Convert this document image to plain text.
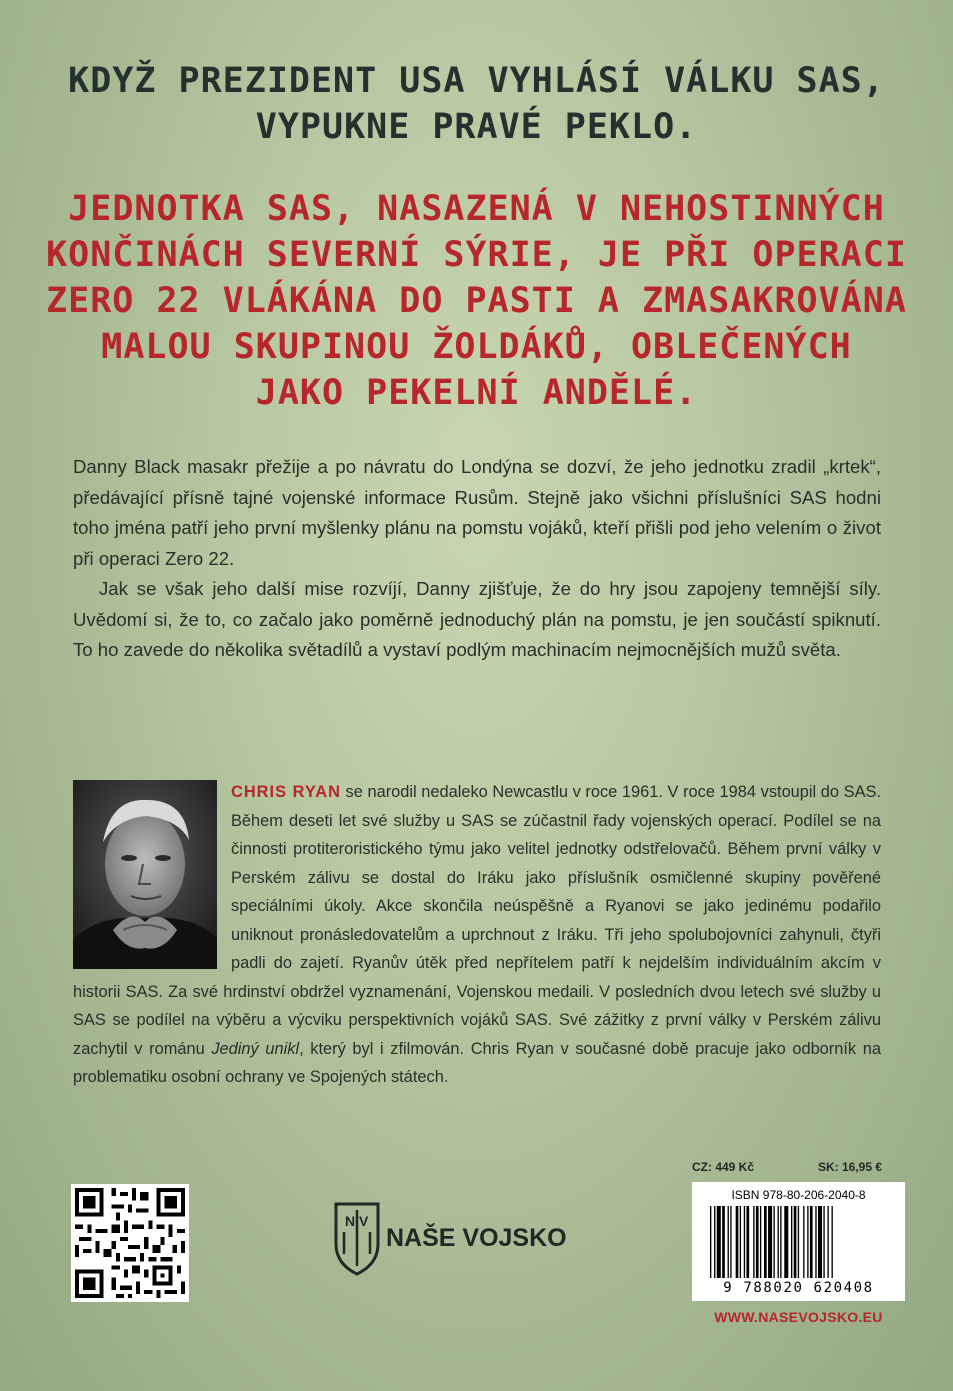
KDYŽ PREZIDENT USA VYHLÁSÍ VÁLKU SAS,
VYPUKNE PRAVÉ PEKLO.
JEDNOTKA SAS, NASAZENÁ V NEHOSTINNÝCH
KONČINÁCH SEVERNÍ SÝRIE, JE PŘI OPERACI
ZERO 22 VLÁKÁNA DO PASTI A ZMASAKROVÁNA
MALOU SKUPINOU ŽOLDÁKŮ, OBLEČENÝCH
JAKO PEKELNÍ ANDĚLÉ.

Danny Black masakr přežije a po návratu do Londýna se dozví, že jeho jednotku zradil „krtek“, předávající přísně tajné vojenské informace Rusům. Stejně jako všichni příslušníci SAS hodni toho jména patří jeho první myšlenky plánu na pomstu vojáků, kteří přišli pod jeho velením o život při operaci Zero 22.

Jak se však jeho další mise rozvíjí, Danny zjišťuje, že do hry jsou zapojeny temnější síly. Uvědomí si, že to, co začalo jako poměrně jednoduchý plán na pomstu, je jen součástí spiknutí. To ho zavede do několika světadílů a vystaví podlým machinacím nejmocnějších mužů světa.

CHRIS RYAN se narodil nedaleko Newcastlu v roce 1961. V roce 1984 vstoupil do SAS. Během deseti let své služby u SAS se zúčastnil řady vojenských operací. Podílel se na činnosti protiteroristického týmu jako velitel jednotky odstřelovačů. Během první války v Perském zálivu se dostal do Iráku jako příslušník osmičlenné skupiny pověřené speciálními úkoly. Akce skončila neúspěšně a Ryanovi se jako jedinému podařilo uniknout pronásledovatelům a uprchnout z Iráku. Tři jeho spolubojovníci zahynuli, čtyři padli do zajetí. Ryanův útěk před nepřítelem patří k nejdelším individuálním akcím v historii SAS. Za své hrdinství obdržel vyznamenání, Vojenskou medaili. V posledních dvou letech své služby u SAS se podílel na výběru a výcviku perspektivních vojáků SAS. Své zážitky z první války v Perském zálivu zachytil v románu Jediný unikl, který byl i zfilmován. Chris Ryan v současné době pracuje jako odborník na problematiku osobní ochrany ve Spojených státech.
N V
NAŠE VOJSKO
CZ: 449 Kč	SK: 16,95 €
ISBN 978-80-206-2040-8
9 788020 620408
WWW.NASEVOJSKO.EU
